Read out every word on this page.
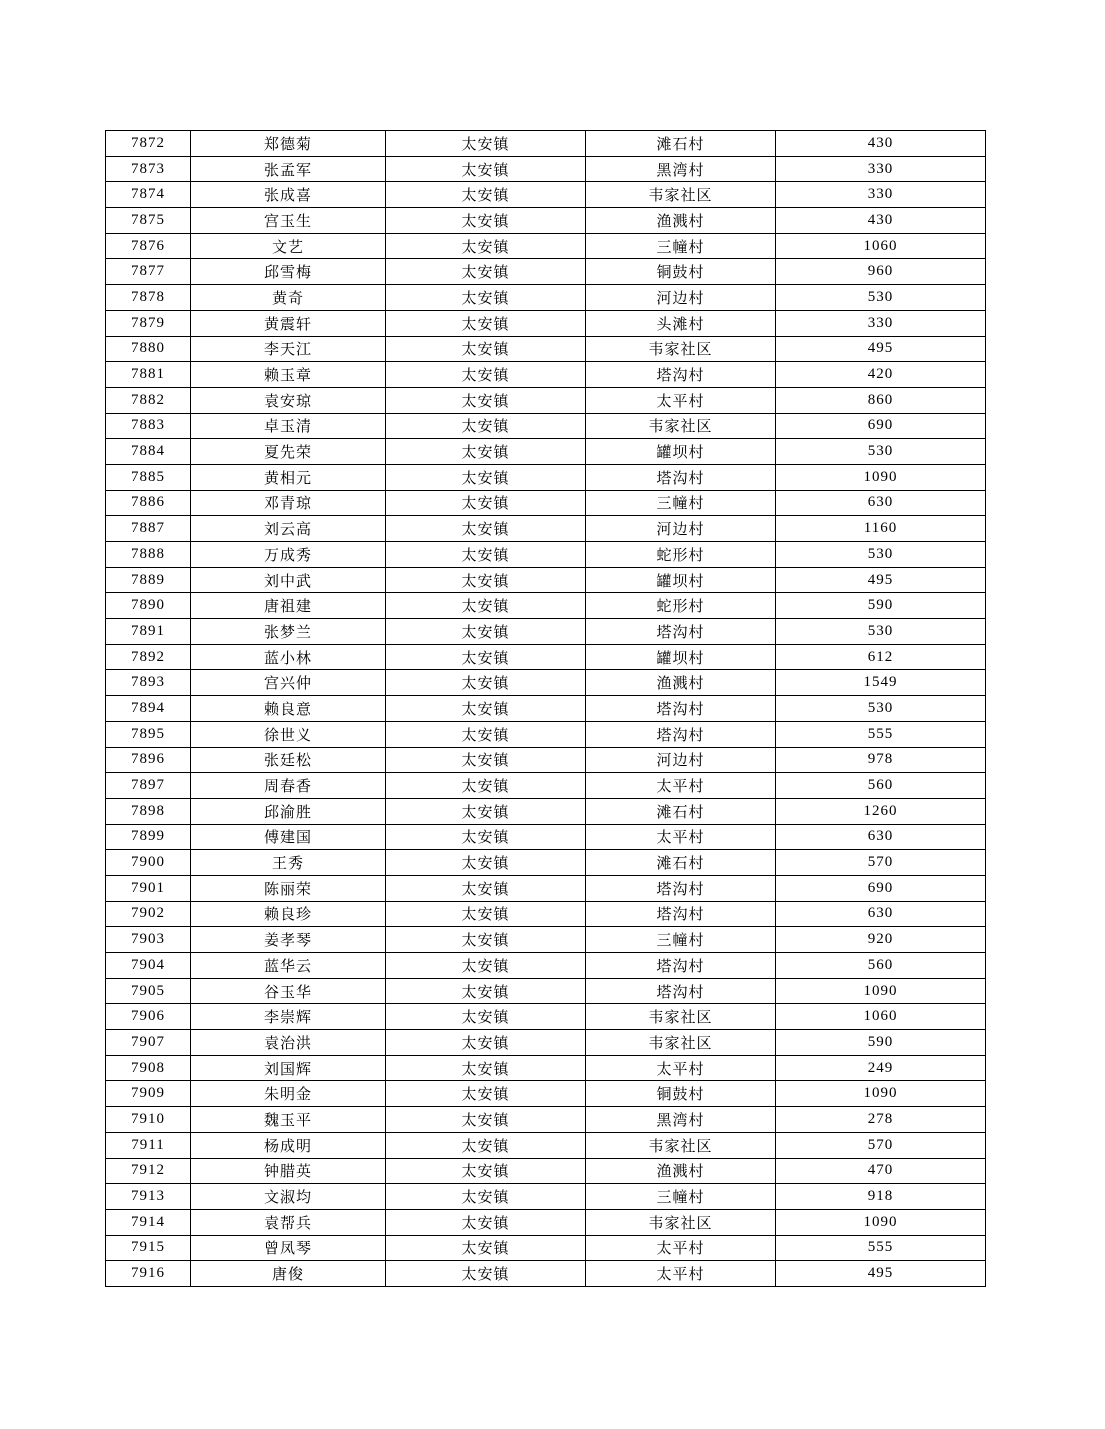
7872	郑德菊	太安镇	滩石村	430
7873	张孟军	太安镇	黑湾村	330
7874	张成喜	太安镇	韦家社区	330
7875	宫玉生	太安镇	渔溅村	430
7876	文艺	太安镇	三幢村	1060
7877	邱雪梅	太安镇	铜鼓村	960
7878	黄奇	太安镇	河边村	530
7879	黄震轩	太安镇	头滩村	330
7880	李天江	太安镇	韦家社区	495
7881	赖玉章	太安镇	塔沟村	420
7882	袁安琼	太安镇	太平村	860
7883	卓玉清	太安镇	韦家社区	690
7884	夏先荣	太安镇	罐坝村	530
7885	黄相元	太安镇	塔沟村	1090
7886	邓青琼	太安镇	三幢村	630
7887	刘云高	太安镇	河边村	1160
7888	万成秀	太安镇	蛇形村	530
7889	刘中武	太安镇	罐坝村	495
7890	唐祖建	太安镇	蛇形村	590
7891	张梦兰	太安镇	塔沟村	530
7892	蓝小林	太安镇	罐坝村	612
7893	宫兴仲	太安镇	渔溅村	1549
7894	赖良意	太安镇	塔沟村	530
7895	徐世义	太安镇	塔沟村	555
7896	张廷松	太安镇	河边村	978
7897	周春香	太安镇	太平村	560
7898	邱渝胜	太安镇	滩石村	1260
7899	傅建国	太安镇	太平村	630
7900	王秀	太安镇	滩石村	570
7901	陈丽荣	太安镇	塔沟村	690
7902	赖良珍	太安镇	塔沟村	630
7903	姜孝琴	太安镇	三幢村	920
7904	蓝华云	太安镇	塔沟村	560
7905	谷玉华	太安镇	塔沟村	1090
7906	李崇辉	太安镇	韦家社区	1060
7907	袁治洪	太安镇	韦家社区	590
7908	刘国辉	太安镇	太平村	249
7909	朱明金	太安镇	铜鼓村	1090
7910	魏玉平	太安镇	黑湾村	278
7911	杨成明	太安镇	韦家社区	570
7912	钟腊英	太安镇	渔溅村	470
7913	文淑均	太安镇	三幢村	918
7914	袁帮兵	太安镇	韦家社区	1090
7915	曾凤琴	太安镇	太平村	555
7916	唐俊	太安镇	太平村	495
